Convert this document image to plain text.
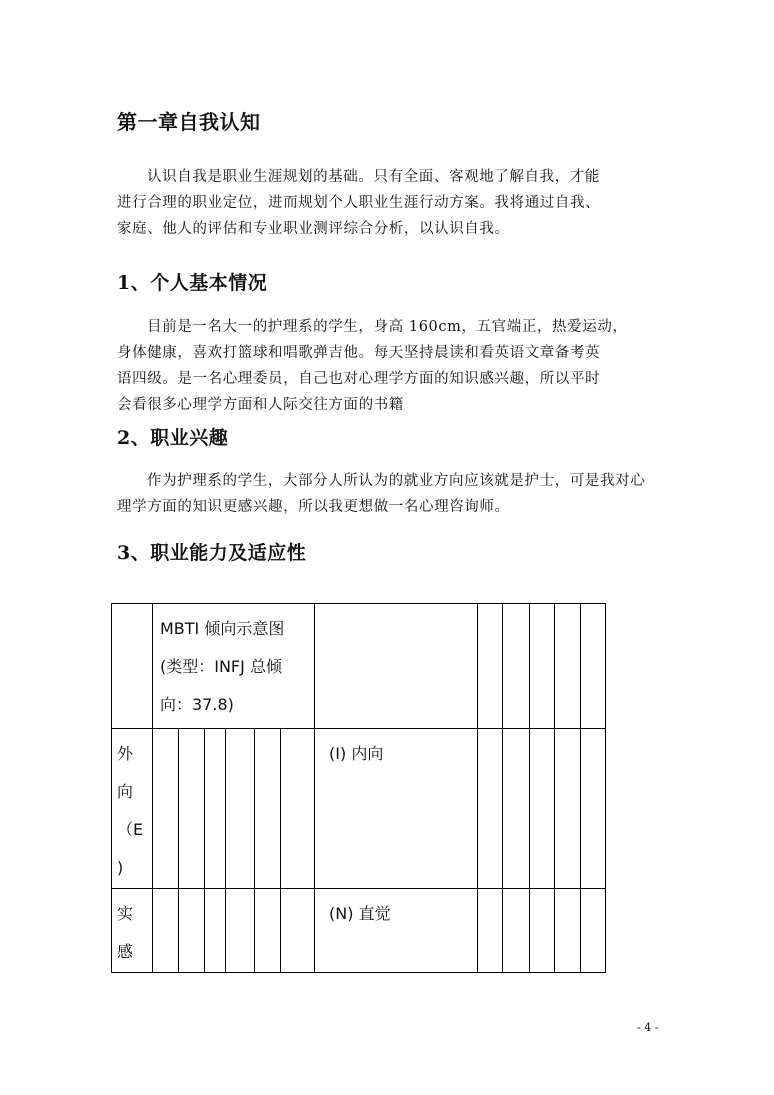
第一章自我认知
认识自我是职业生涯规划的基础。只有全面、客观地了解自我，才能
进行合理的职业定位，进而规划个人职业生涯行动方案。我将通过自我、
家庭、他人的评估和专业职业测评综合分析，以认识自我。
1、个人基本情况
目前是一名大一的护理系的学生，身高 160cm，五官端正，热爱运动，
身体健康，喜欢打篮球和唱歌弹吉他。每天坚持晨读和看英语文章备考英
语四级。是一名心理委员，自己也对心理学方面的知识感兴趣，所以平时
会看很多心理学方面和人际交往方面的书籍
2、职业兴趣
作为护理系的学生，大部分人所认为的就业方向应该就是护士，可是我对心
理学方面的知识更感兴趣，所以我更想做一名心理咨询师。
3、职业能力及适应性

	MBTI 倾向示意图
(类型：INFJ 总倾
向：37.8)											

外
向
（E
)							(I) 内向					

实
感							(N) 直觉					

- 4 -
